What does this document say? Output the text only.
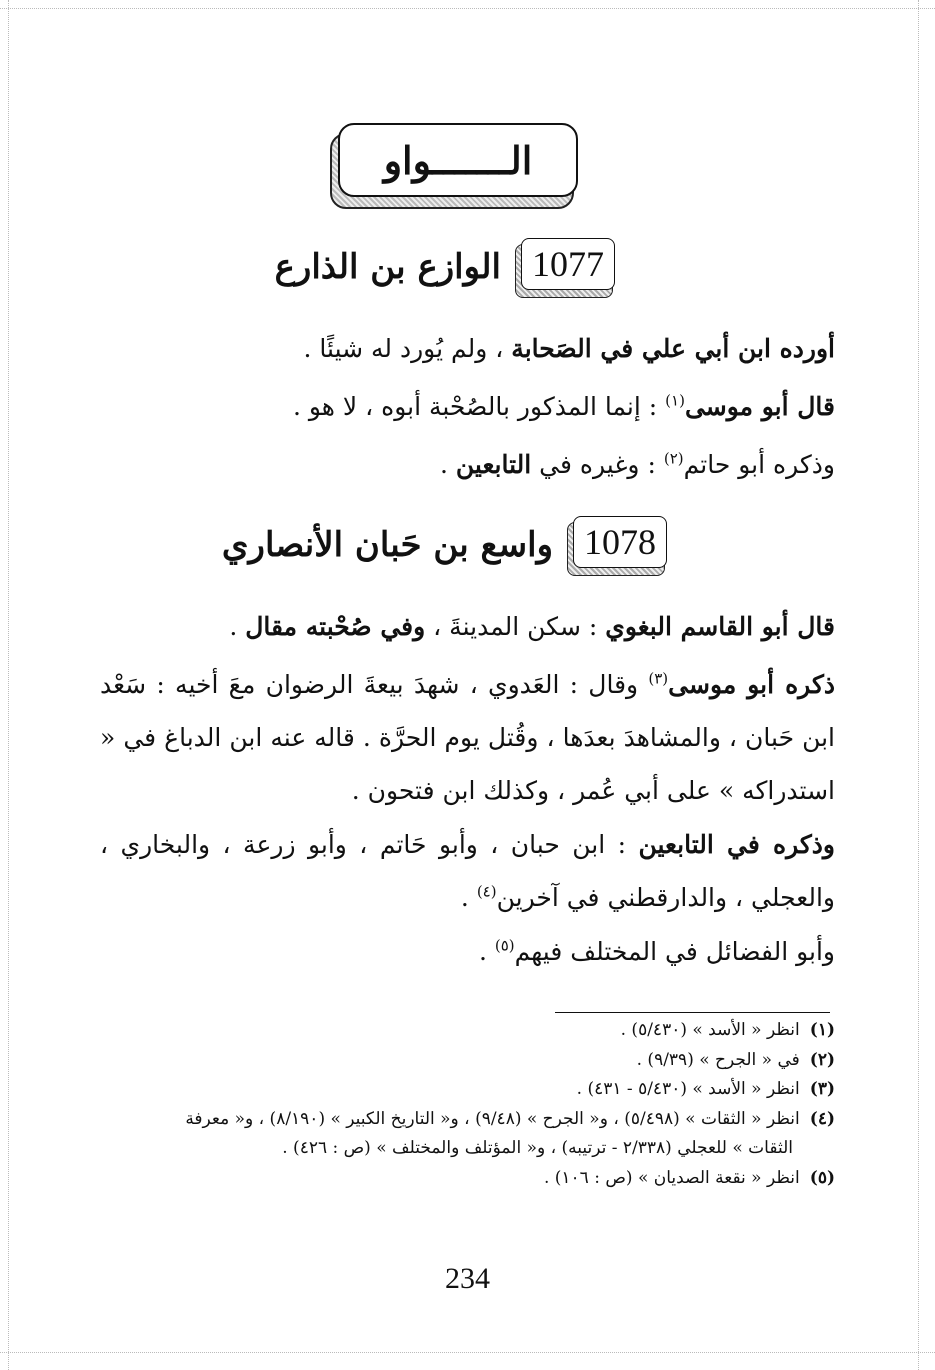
الـــــــواو
1077
الوازع بن الذارع
أورده ابن أبي علي في الصَحابة ، ولم يُورد له شيئًا .
قال أبو موسى$^{(١)}$ : إنما المذكور بالصُحْبة أبوه ، لا هو .
وذكره أبو حاتم$^{(٢)}$ : وغيره في التابعين .
1078
واسع بن حَبان الأنصاري
قال أبو القاسم البغوي : سكن المدينةَ ، وفي صُحْبته مقال .
ذكره أبو موسى$^{(٣)}$ وقال : العَدوي ، شهدَ بيعةَ الرضوان معَ أخيه : سَعْد ابن حَبان ، والمشاهدَ بعدَها ، وقُتل يوم الحرَّة . قاله عنه ابن الدباغ في « استدراكه » على أبي عُمر ، وكذلك ابن فتحون .
وذكره في التابعين : ابن حبان ، وأبو حَاتم ، وأبو زرعة ، والبخاري ، والعجلي ، والدارقطني في آخرين$^{(٤)}$ .
وأبو الفضائل في المختلف فيهم$^{(٥)}$ .
(١)انظر « الأسد » (٥/٤٣٠) .
(٢)في « الجرح » (٩/٣٩) .
(٣)انظر « الأسد » (٥/٤٣٠ - ٤٣١) .
(٤)انظر « الثقات » (٥/٤٩٨) ، و« الجرح » (٩/٤٨) ، و« التاريخ الكبير » (٨/١٩٠) ، و« معرفة
الثقات » للعجلي (٢/٣٣٨ - ترتيبه) ، و« المؤتلف والمختلف » (ص : ٤٢٦) .
(٥)انظر « نقعة الصديان » (ص : ١٠٦) .
234
